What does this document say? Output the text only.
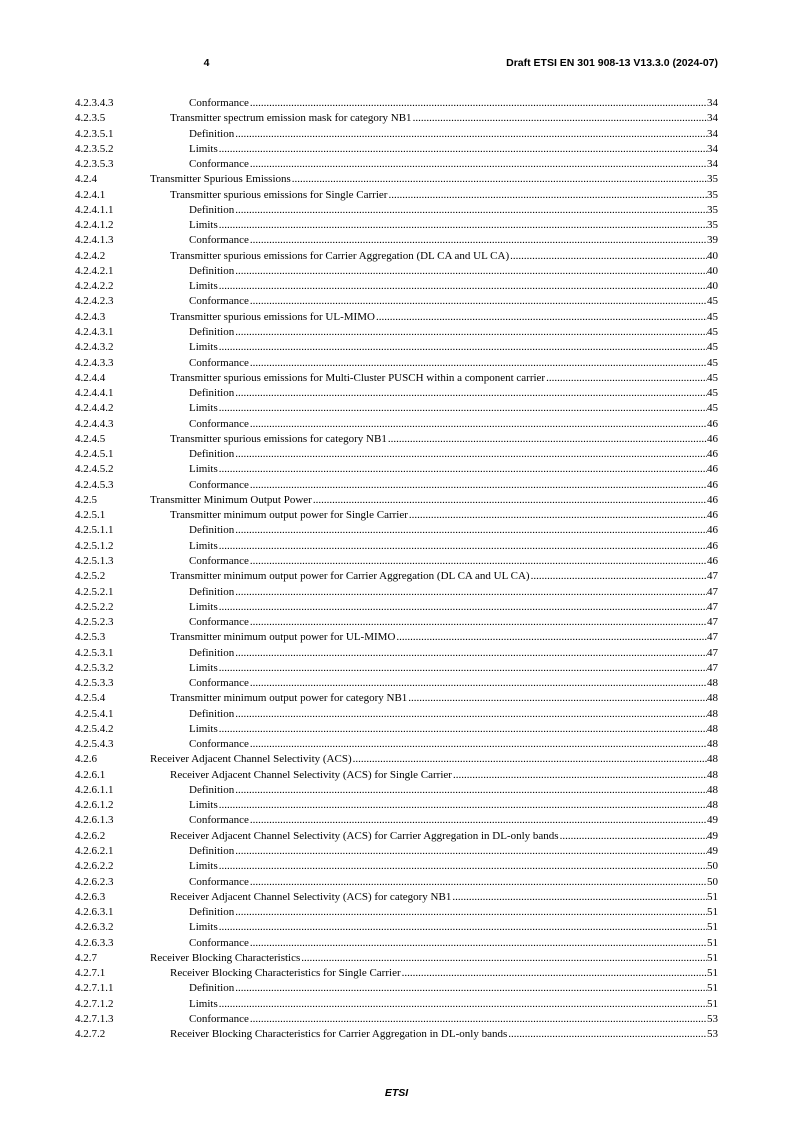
4	Draft ETSI EN 301 908-13 V13.3.0 (2024-07)
4.2.3.4.3	Conformance .....	34
4.2.3.5	Transmitter spectrum emission mask for category NB1 .....	34
4.2.3.5.1	Definition .....	34
4.2.3.5.2	Limits .....	34
4.2.3.5.3	Conformance .....	34
4.2.4	Transmitter Spurious Emissions .....	35
4.2.4.1	Transmitter spurious emissions for Single Carrier .....	35
4.2.4.1.1	Definition .....	35
4.2.4.1.2	Limits .....	35
4.2.4.1.3	Conformance .....	39
4.2.4.2	Transmitter spurious emissions for Carrier Aggregation (DL CA and UL CA) .....	40
4.2.4.2.1	Definition .....	40
4.2.4.2.2	Limits .....	40
4.2.4.2.3	Conformance .....	45
4.2.4.3	Transmitter spurious emissions for UL-MIMO .....	45
4.2.4.3.1	Definition .....	45
4.2.4.3.2	Limits .....	45
4.2.4.3.3	Conformance .....	45
4.2.4.4	Transmitter spurious emissions for Multi-Cluster PUSCH within a component carrier .....	45
4.2.4.4.1	Definition .....	45
4.2.4.4.2	Limits .....	45
4.2.4.4.3	Conformance .....	46
4.2.4.5	Transmitter spurious emissions for category NB1 .....	46
4.2.4.5.1	Definition .....	46
4.2.4.5.2	Limits .....	46
4.2.4.5.3	Conformance .....	46
4.2.5	Transmitter Minimum Output Power .....	46
4.2.5.1	Transmitter minimum output power for Single Carrier .....	46
4.2.5.1.1	Definition .....	46
4.2.5.1.2	Limits .....	46
4.2.5.1.3	Conformance .....	46
4.2.5.2	Transmitter minimum output power for Carrier Aggregation (DL CA and UL CA) .....	47
4.2.5.2.1	Definition .....	47
4.2.5.2.2	Limits .....	47
4.2.5.2.3	Conformance .....	47
4.2.5.3	Transmitter minimum output power for UL-MIMO .....	47
4.2.5.3.1	Definition .....	47
4.2.5.3.2	Limits .....	47
4.2.5.3.3	Conformance .....	48
4.2.5.4	Transmitter minimum output power for category NB1 .....	48
4.2.5.4.1	Definition .....	48
4.2.5.4.2	Limits .....	48
4.2.5.4.3	Conformance .....	48
4.2.6	Receiver Adjacent Channel Selectivity (ACS) .....	48
4.2.6.1	Receiver Adjacent Channel Selectivity (ACS) for Single Carrier .....	48
4.2.6.1.1	Definition .....	48
4.2.6.1.2	Limits .....	48
4.2.6.1.3	Conformance .....	49
4.2.6.2	Receiver Adjacent Channel Selectivity (ACS) for Carrier Aggregation in DL-only bands .....	49
4.2.6.2.1	Definition .....	49
4.2.6.2.2	Limits .....	50
4.2.6.2.3	Conformance .....	50
4.2.6.3	Receiver Adjacent Channel Selectivity (ACS) for category NB1 .....	51
4.2.6.3.1	Definition .....	51
4.2.6.3.2	Limits .....	51
4.2.6.3.3	Conformance .....	51
4.2.7	Receiver Blocking Characteristics .....	51
4.2.7.1	Receiver Blocking Characteristics for Single Carrier .....	51
4.2.7.1.1	Definition .....	51
4.2.7.1.2	Limits .....	51
4.2.7.1.3	Conformance .....	53
4.2.7.2	Receiver Blocking Characteristics for Carrier Aggregation in DL-only bands .....	53
ETSI
